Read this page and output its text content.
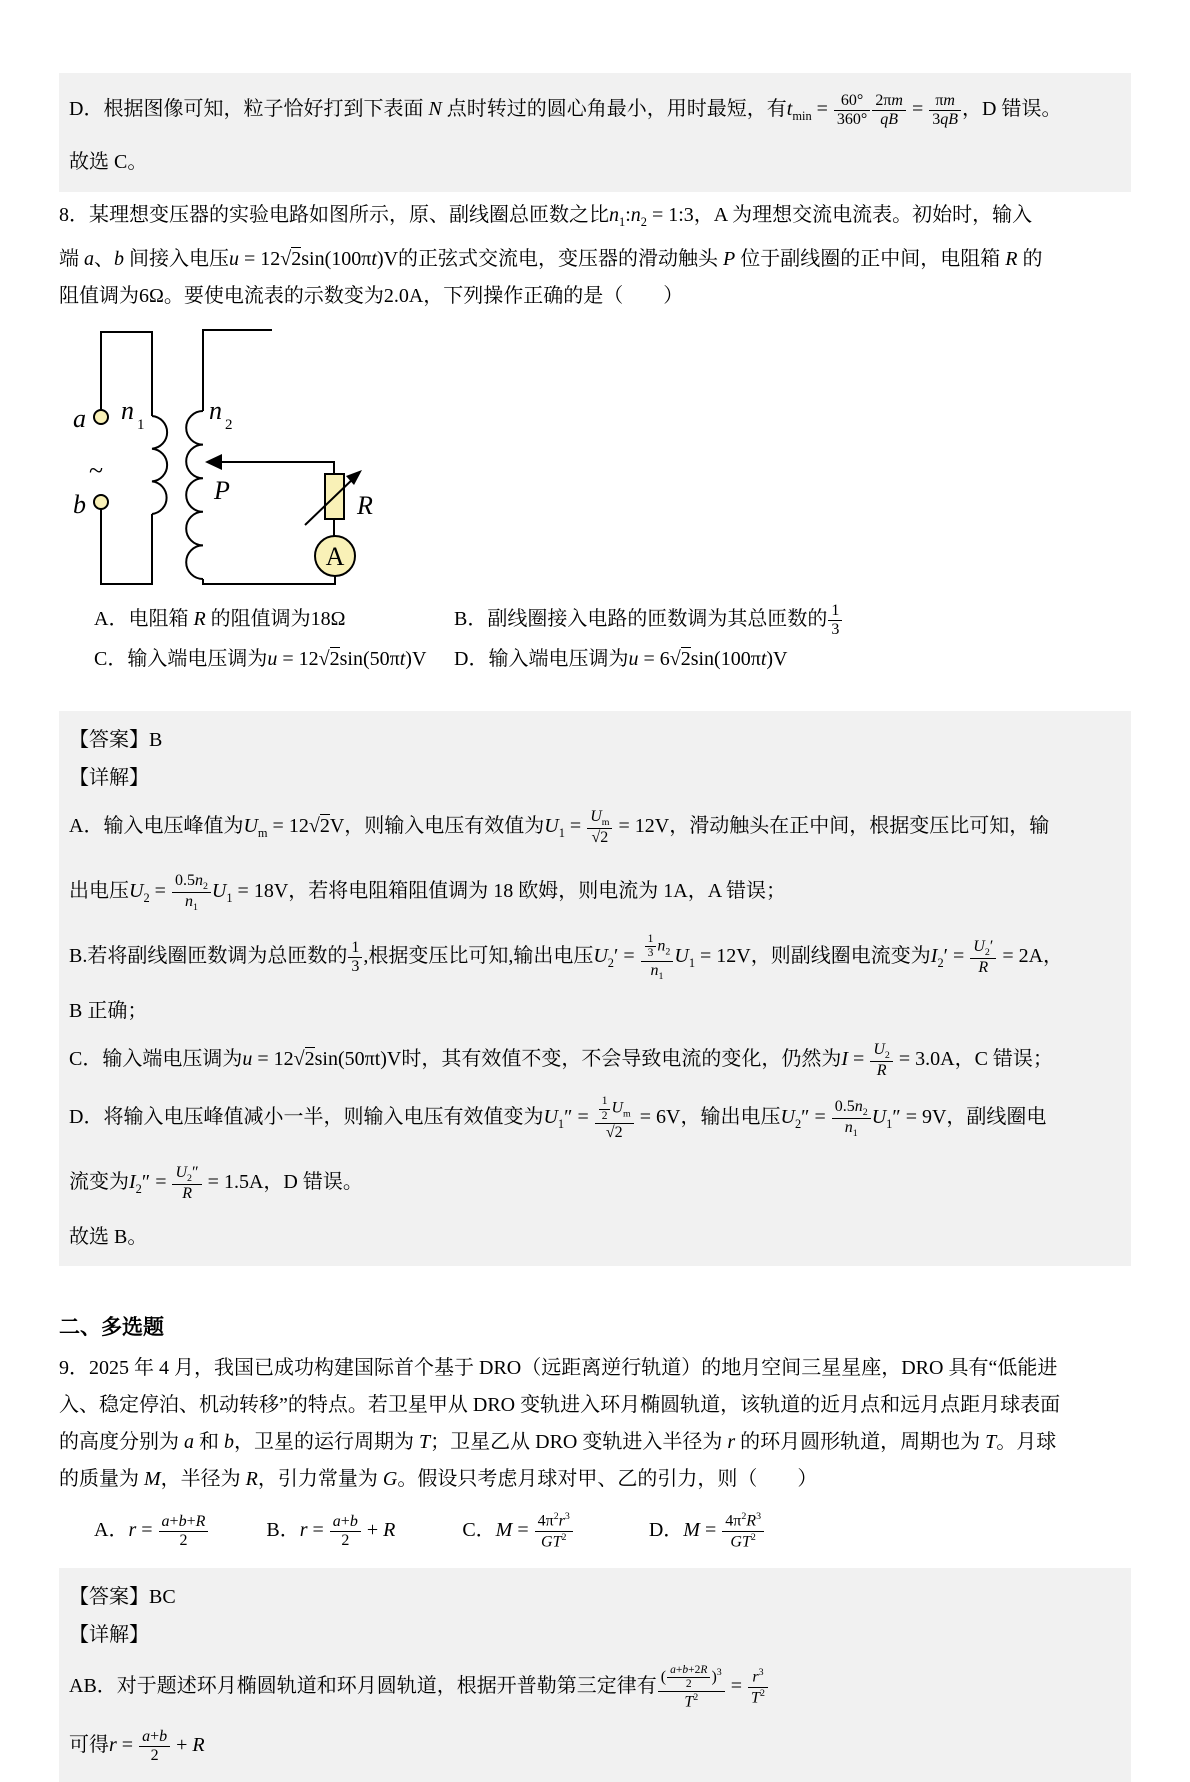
D．根据图像可知，粒子恰好打到下表面 N 点时转过的圆心角最小，用时最短，有$t_{min} = \frac{60^\circ}{360^\circ} \frac{2\pi m}{qB} = \frac{\pi m}{3qB}$ ，D 错误。

故选 C。

8．某理想变压器的实验电路如图所示，原、副线圈总匝数之比$n_1:n_2$ = 1:3，A 为理想交流电流表。初始时，输入

端 a、b 间接入电压u = 12√2sin(100πt)V的正弦式交流电，变压器的滑动触头 P 位于副线圈的正中间，电阻箱 R 的

阻值调为6Ω。要使电流表的示数变为2.0A，下列操作正确的是（　　）

a
~
b
n 1 n 2
P
R
A
A．电阻箱 R 的阻值调为18Ω	B．副线圈接入电路的匝数调为其总匝数的 $\frac{1}{3}$
C．输入端电压调为u = 12√2sin(50πt)V	D．输入端电压调为u = 6√2sin(100πt)V

【答案】B

【详解】

A．输入电压峰值为$U_m = 12√2V$，则输入电压有效值为$U_1 = \frac{U_m}{√2} = 12V$，滑动触头在正中间，根据变压比可知，输

出电压$U_2 = \frac{0.5n_2}{n_1} U_1 = 18V$，若将电阻箱阻值调为 18 欧姆，则电流为 1A，A 错误；

B.若将副线圈匝数调为总匝数的 $\frac{1}{3}$ ,根据变压比可知,输出电压$U_2' = \frac{\frac{1}{3} n_2}{n_1} U_1 = 12V$，则副线圈电流变为$I_2' = \frac{U_2'}{R} = 2A$，

B 正确；

C．输入端电压调为u = 12√2sin(50πt)V时，其有效值不变，不会导致电流的变化，仍然为$I = \frac{U_2}{R} = 3.0A$，C 错误；

D．将输入电压峰值减小一半，则输入电压有效值变为$U_1'' = \frac{\frac{1}{2} U_m}{√2} = 6V$，输出电压$U_2'' = \frac{0.5n_2}{n_1} U_1'' = 9V$，副线圈电

流变为$I_2'' = \frac{U_2''}{R} = 1.5A$，D 错误。

故选 B。

二、多选题

9．2025 年 4 月，我国已成功构建国际首个基于 DRO（远距离逆行轨道）的地月空间三星星座，DRO 具有“低能进

入、稳定停泊、机动转移”的特点。若卫星甲从 DRO 变轨进入环月椭圆轨道，该轨道的近月点和远月点距月球表面

的高度分别为 a 和 b，卫星的运行周期为 T；卫星乙从 DRO 变轨进入半径为 r 的环月圆形轨道，周期也为 T。月球

的质量为 M，半径为 R，引力常量为 G。假设只考虑月球对甲、乙的引力，则（　　）

A．$r = \frac{a+b+R}{2}$	B．$r = \frac{a+b}{2} + R$	C．$M = \frac{4\pi^2r^3}{GT^2}$	D．$M = \frac{4\pi^2R^3}{GT^2}$

【答案】BC

【详解】

AB．对于题述环月椭圆轨道和环月圆轨道，根据开普勒第三定律有 $\frac{( \frac{a+b+2R}{2} )^3}{T^2} = \frac{r^3}{T^2}$

可得$r = \frac{a+b}{2} + R$
